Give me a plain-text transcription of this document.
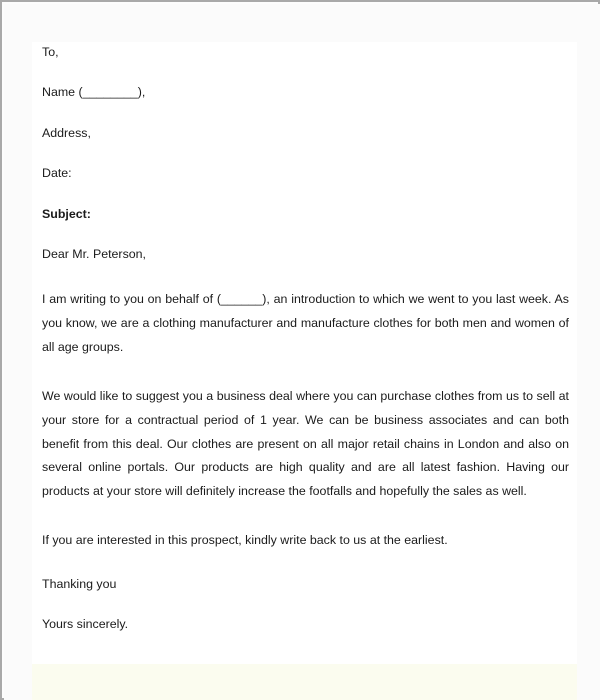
To,

Name (________),

Address,

Date:

Subject:

Dear Mr. Peterson,

I am writing to you on behalf of (______), an introduction to which we went to you last week. As you know, we are a clothing manufacturer and manufacture clothes for both men and women of all age groups.

We would like to suggest you a business deal where you can purchase clothes from us to sell at your store for a contractual period of 1 year. We can be business associates and can both benefit from this deal. Our clothes are present on all major retail chains in London and also on several online portals. Our products are high quality and are all latest fashion. Having our products at your store will definitely increase the footfalls and hopefully the sales as well.

If you are interested in this prospect, kindly write back to us at the earliest.

Thanking you

Yours sincerely.
